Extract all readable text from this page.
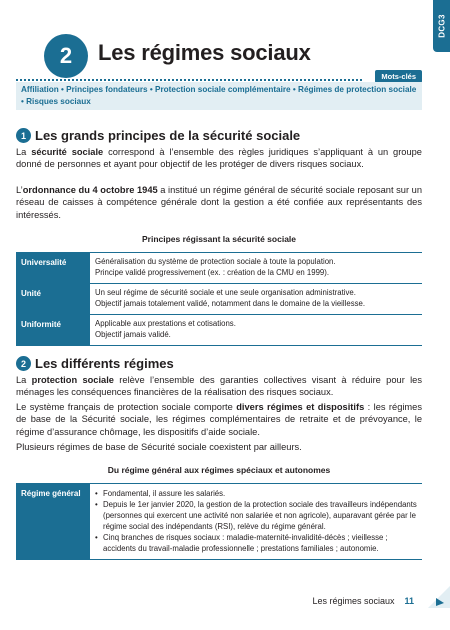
DCG3
2	Les régimes sociaux
Mots-clés
Affiliation • Principes fondateurs • Protection sociale complémentaire • Régimes de protection sociale • Risques sociaux
1 Les grands principes de la sécurité sociale
La sécurité sociale correspond à l’ensemble des règles juridiques s’appliquant à un groupe donné de personnes et ayant pour objectif de les protéger de divers risques sociaux.
L’ordonnance du 4 octobre 1945 a institué un régime général de sécurité sociale reposant sur un réseau de caisses à compétence générale dont la gestion a été confiée aux représentants des intéressés.
Principes régissant la sécurité sociale
Universalité	Généralisation du système de protection sociale à toute la population.
Principe validé progressivement (ex. : création de la CMU en 1999).
Unité	Un seul régime de sécurité sociale et une seule organisation administrative.
Objectif jamais totalement validé, notamment dans le domaine de la vieillesse.
Uniformité	Applicable aux prestations et cotisations.
Objectif jamais validé.
2 Les différents régimes
La protection sociale relève l’ensemble des garanties collectives visant à réduire pour les ménages les conséquences financières de la réalisation des risques sociaux.
Le système français de protection sociale comporte divers régimes et dispositifs : les régimes de base de la Sécurité sociale, les régimes complémentaires de retraite et de prévoyance, le régime d’assurance chômage, les dispositifs d’aide sociale.
Plusieurs régimes de base de Sécurité sociale coexistent par ailleurs.
Du régime général aux régimes spéciaux et autonomes
Régime général
•	Fondamental, il assure les salariés.
• Depuis le 1er janvier 2020, la gestion de la protection sociale des travailleurs indépendants (personnes qui exercent une activité non salariée et non agricole), auparavant gérée par le régime social des indépendants (RSI), relève du régime général.
• Cinq branches de risques sociaux : maladie-maternité-invalidité-décès ; vieillesse ; accidents du travail-maladie professionnelle ; prestations familiales ; autonomie.
Les régimes sociaux 11
